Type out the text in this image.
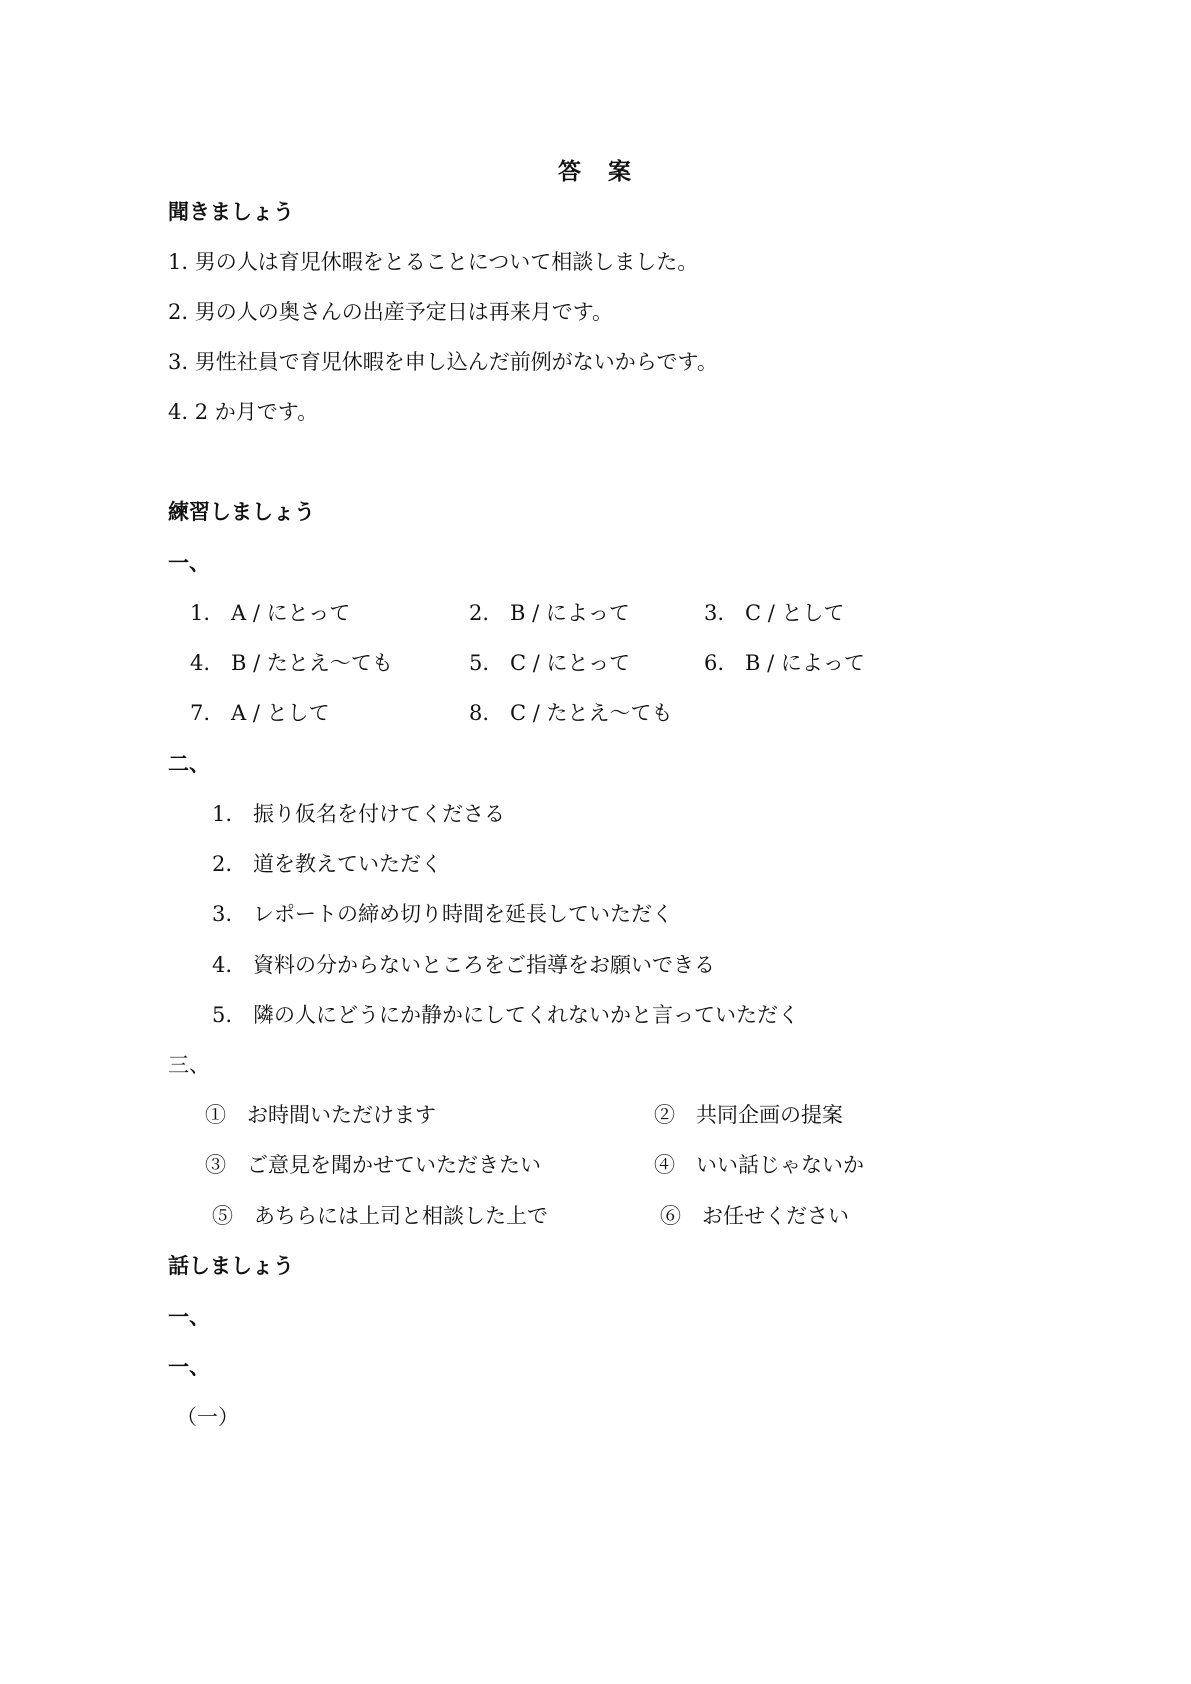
答　案
聞きましょう
1. 男の人は育児休暇をとることについて相談しました。
2. 男の人の奥さんの出産予定日は再来月です。
3. 男性社員で育児休暇を申し込んだ前例がないからです。
4. 2 か月です。
練習しましょう
一、
1.　A / にとって	2.　B / によって	3.　C / として
4.　B / たとえ～ても	5.　C / にとって	6.　B / によって
7.　A / として	8.　C / たとえ～ても
二、
1.　振り仮名を付けてくださる
2.　道を教えていただく
3.　レポートの締め切り時間を延長していただく
4.　資料の分からないところをご指導をお願いできる
5.　隣の人にどうにか静かにしてくれないかと言っていただく
三、
①　お時間いただけます	②　共同企画の提案
③　ご意見を聞かせていただきたい	④　いい話じゃないか
⑤　あちらには上司と相談した上で	⑥　お任せください
話しましょう
一、
一、
（一）
